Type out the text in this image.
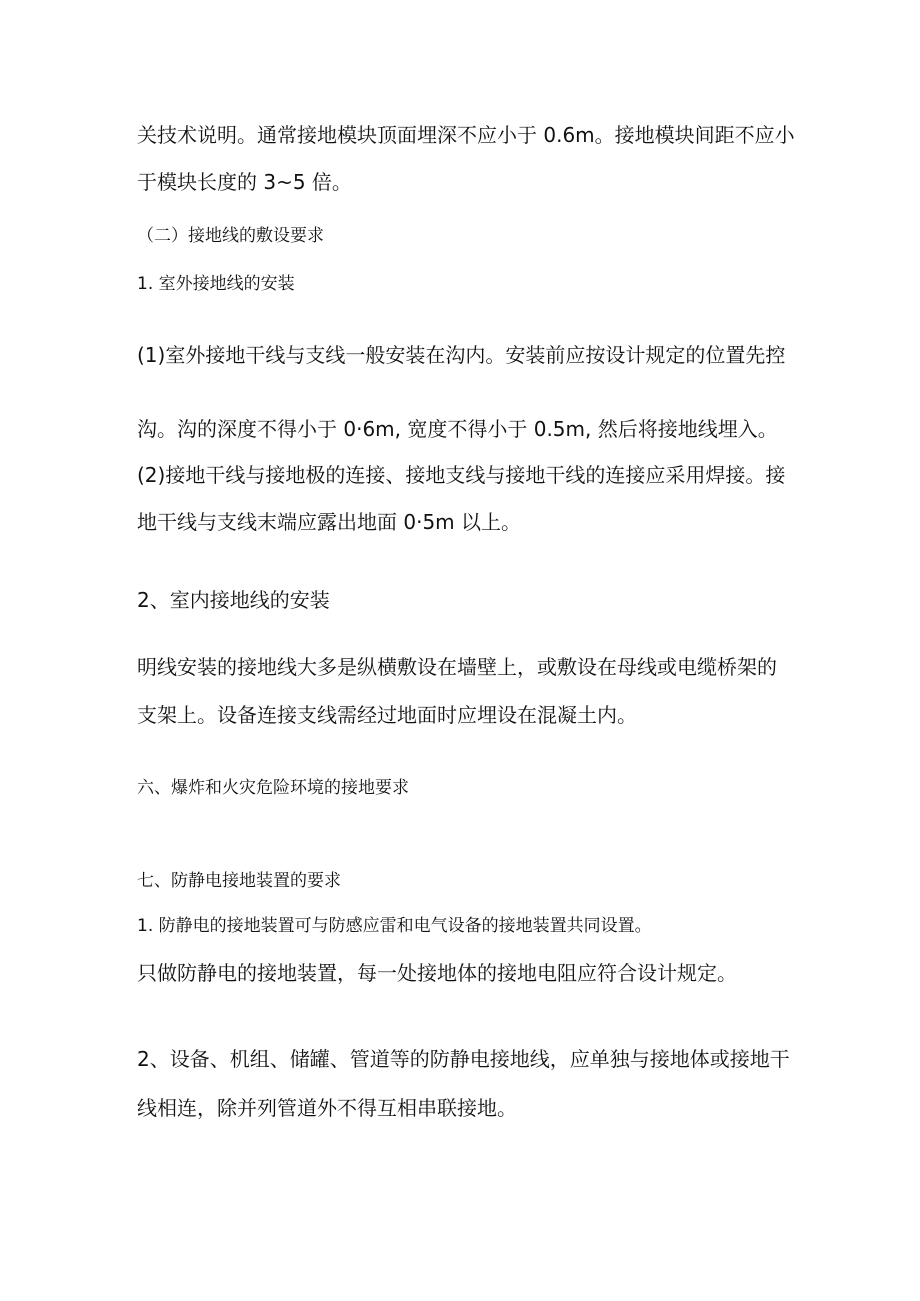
关技术说明。通常接地模块顶面埋深不应小于 0.6m。接地模块间距不应小
于模块长度的 3~5 倍。
（二）接地线的敷设要求
1. 室外接地线的安装
(1)室外接地干线与支线一般安装在沟内。安装前应按设计规定的位置先控
沟。沟的深度不得小于 0·6m, 宽度不得小于 0.5m, 然后将接地线埋入。
(2)接地干线与接地极的连接、接地支线与接地干线的连接应采用焊接。接
地干线与支线末端应露出地面 0·5m 以上。
2、室内接地线的安装
明线安装的接地线大多是纵横敷设在墙壁上，或敷设在母线或电缆桥架的
支架上。设备连接支线需经过地面时应埋设在混凝土内。
六、爆炸和火灾危险环境的接地要求
七、防静电接地装置的要求
1. 防静电的接地装置可与防感应雷和电气设备的接地装置共同设置。
只做防静电的接地装置，每一处接地体的接地电阻应符合设计规定。
2、设备、机组、储罐、管道等的防静电接地线，应单独与接地体或接地干
线相连，除并列管道外不得互相串联接地。
